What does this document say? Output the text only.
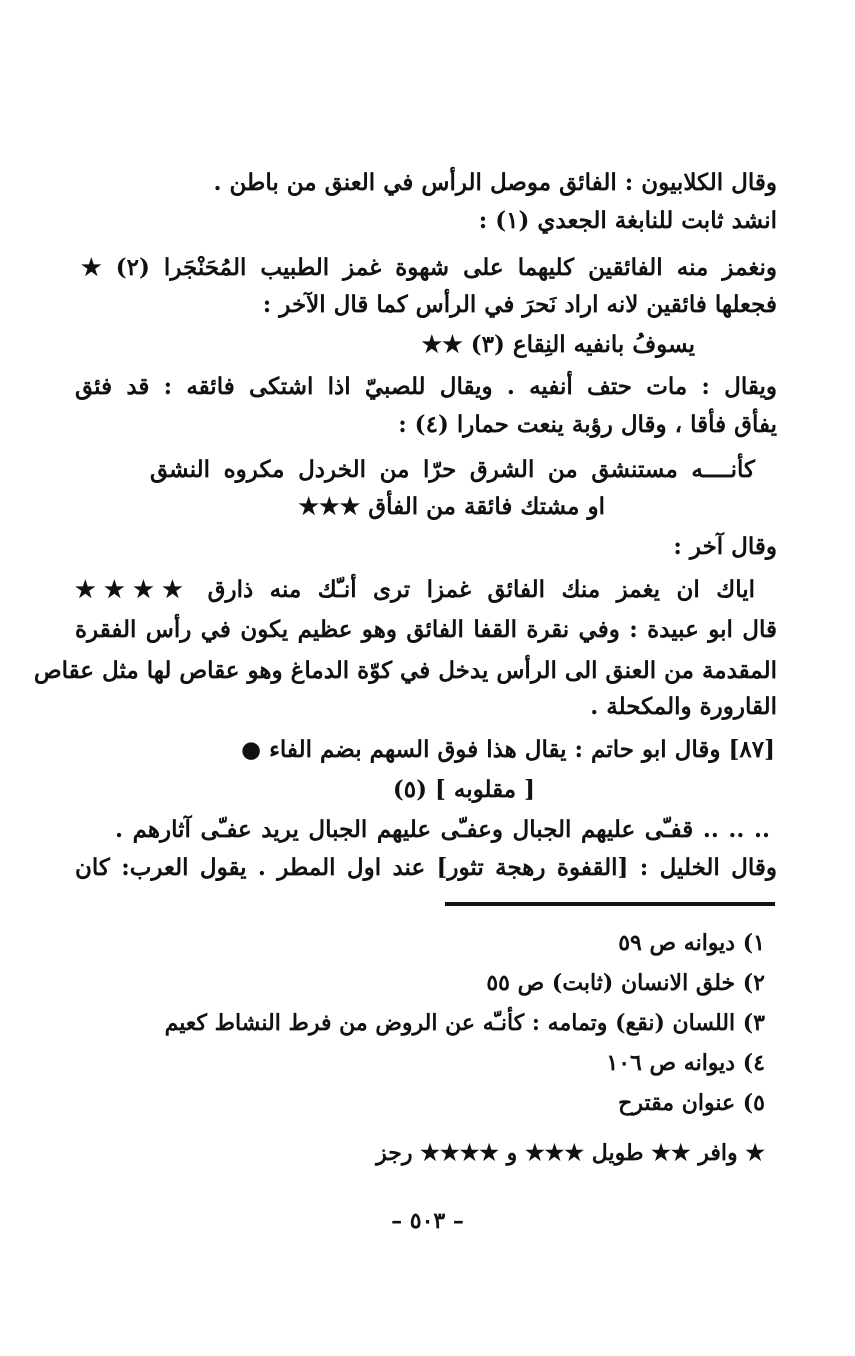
وقال الكلابيون : الفائق موصل الرأس في العنق من باطن .
انشد ثابت للنابغة الجعدي (١) :
ونغمز منه الفائقين كليهما على شهوة غمز الطبيب المُحَنْجَرا (٢) ★
فجعلها فائقين لانه اراد نَحرَ في الرأس كما قال الآخر :
يسوفُ بانفيه النِقاع (٣) ★★
ويقال : مات حتف أنفيه . ويقال للصبيّ اذا اشتكى فائقه : قد فئق
يفأق فأقا ، وقال رؤبة ينعت حمارا (٤) :
كأنــــه مستنشق من الشرق حرّا من الخردل مكروه النشق
او مشتك فائقة من الفأق ★★★
وقال آخر :
اياك ان يغمز منك الفائق غمزا ترى أنـّك منه ذارق ★★★★
قال ابو عبيدة : وفي نقرة القفا الفائق وهو عظيم يكون في رأس الفقرة
المقدمة من العنق الى الرأس يدخل في كوّة الدماغ وهو عقاص لها مثل عقاص
القارورة والمكحلة .
[٨٧] وقال ابو حاتم : يقال هذا فوق السهم بضم الفاء ●
[ مقلوبه ] (٥)
.. .. .. قفـّى عليهم الجبال وعفـّى عليهم الجبال يريد عفـّى آثارهم .
وقال الخليل : [القفوة رهجة تثور] عند اول المطر . يقول العرب: كان
١) ديوانه ص ٥٩
٢) خلق الانسان (ثابت) ص ٥٥
٣) اللسان (نقع) وتمامه : كأنـّه عن الروض من فرط النشاط كعيم
٤) ديوانه ص ١٠٦
٥) عنوان مقترح
★ وافر ★★ طويل ★★★ و ★★★★ رجز
– ٥٠٣ –
